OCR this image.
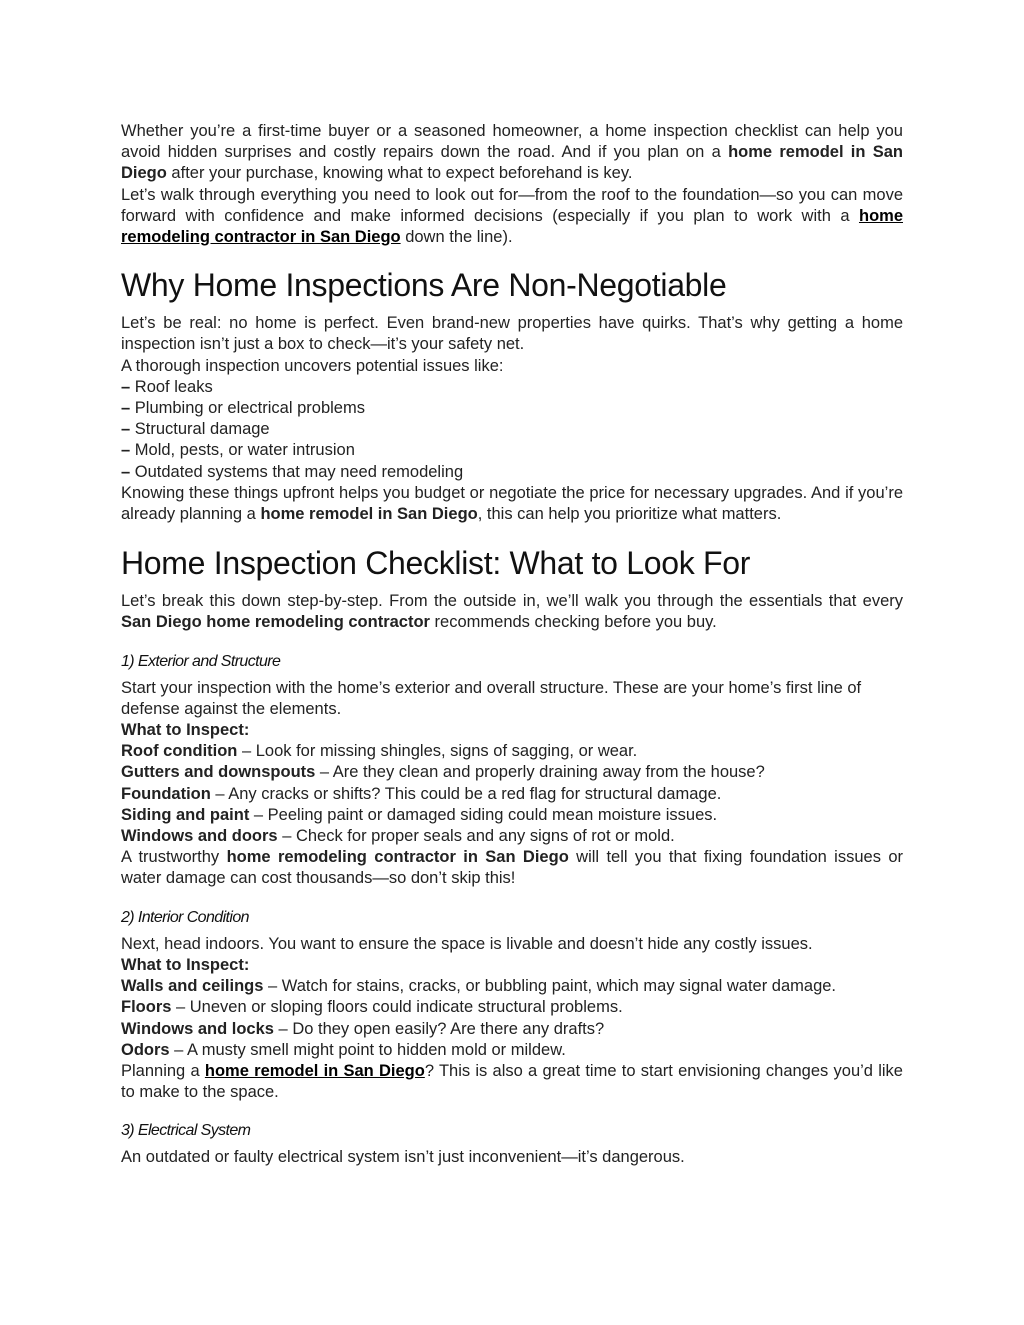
Whether you’re a first-time buyer or a seasoned homeowner, a home inspection checklist can help you avoid hidden surprises and costly repairs down the road. And if you plan on a home remodel in San Diego after your purchase, knowing what to expect beforehand is key.

Let’s walk through everything you need to look out for—from the roof to the foundation—so you can move forward with confidence and make informed decisions (especially if you plan to work with a home remodeling contractor in San Diego down the line).

Why Home Inspections Are Non-Negotiable

Let’s be real: no home is perfect. Even brand-new properties have quirks. That’s why getting a home inspection isn’t just a box to check—it’s your safety net.

A thorough inspection uncovers potential issues like:

– Roof leaks

– Plumbing or electrical problems

– Structural damage

– Mold, pests, or water intrusion

– Outdated systems that may need remodeling

Knowing these things upfront helps you budget or negotiate the price for necessary upgrades. And if you’re already planning a home remodel in San Diego, this can help you prioritize what matters.

Home Inspection Checklist: What to Look For

Let’s break this down step-by-step. From the outside in, we’ll walk you through the essentials that every San Diego home remodeling contractor recommends checking before you buy.

1) Exterior and Structure

Start your inspection with the home’s exterior and overall structure. These are your home’s first line of defense against the elements.

What to Inspect:

Roof condition – Look for missing shingles, signs of sagging, or wear.

Gutters and downspouts – Are they clean and properly draining away from the house?

Foundation – Any cracks or shifts? This could be a red flag for structural damage.

Siding and paint – Peeling paint or damaged siding could mean moisture issues.

Windows and doors – Check for proper seals and any signs of rot or mold.

A trustworthy home remodeling contractor in San Diego will tell you that fixing foundation issues or water damage can cost thousands—so don’t skip this!

2) Interior Condition

Next, head indoors. You want to ensure the space is livable and doesn’t hide any costly issues.

What to Inspect:

Walls and ceilings – Watch for stains, cracks, or bubbling paint, which may signal water damage.

Floors – Uneven or sloping floors could indicate structural problems.

Windows and locks – Do they open easily? Are there any drafts?

Odors – A musty smell might point to hidden mold or mildew.

Planning a home remodel in San Diego? This is also a great time to start envisioning changes you’d like to make to the space.

3) Electrical System

An outdated or faulty electrical system isn’t just inconvenient—it’s dangerous.
